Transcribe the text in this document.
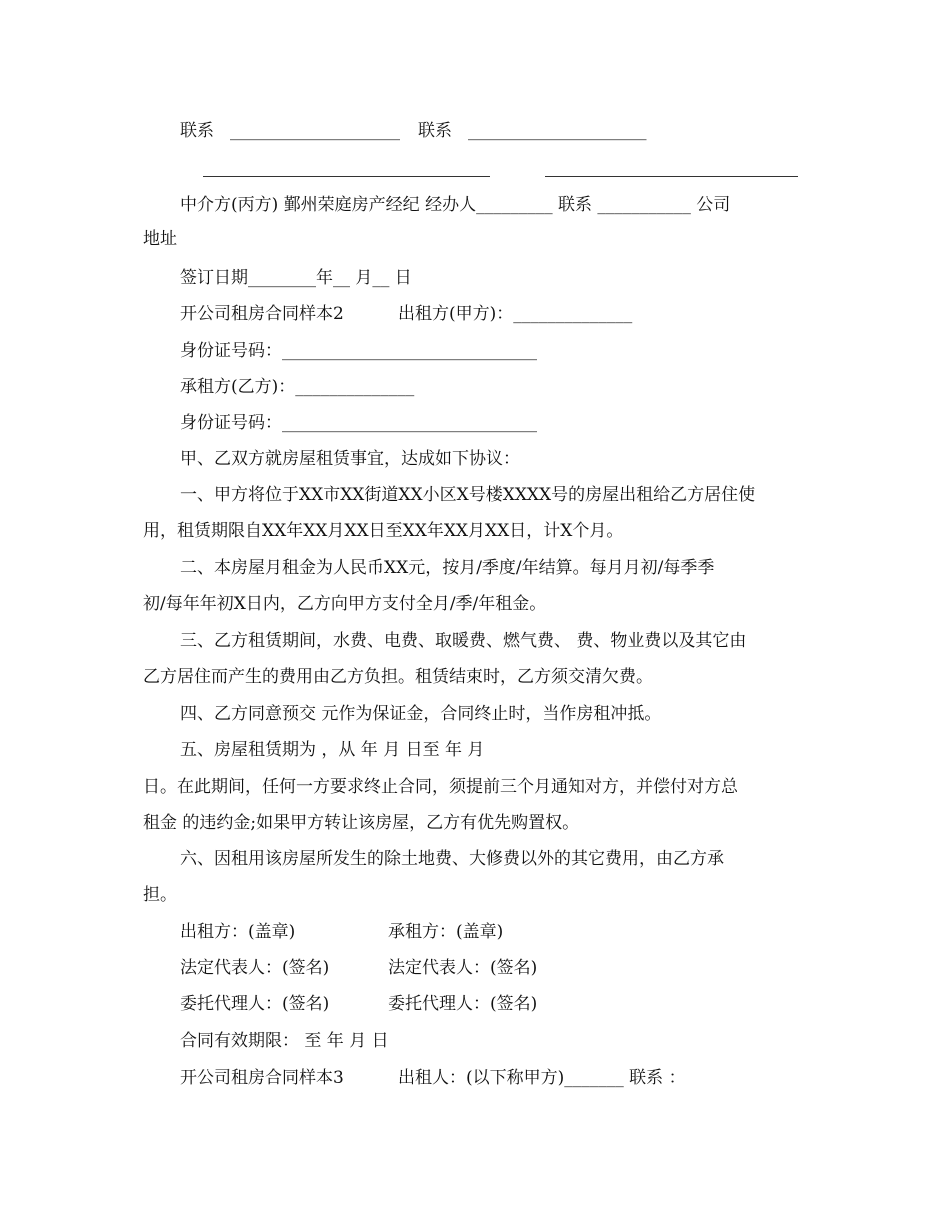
联系 ____________________ 联系 _____________________
中介方(丙方) 鄞州荣庭房产经纪 经办人_________ 联系 ___________ 公司
地址
签订日期________年__ 月__ 日
开公司租房合同样本2	出租方(甲方)：______________
身份证号码：______________________________
承租方(乙方)：______________
身份证号码：______________________________
甲、乙双方就房屋租赁事宜，达成如下协议：
一、甲方将位于XX市XX街道XX小区X号楼XXXX号的房屋出租给乙方居住使
用，租赁期限自XX年XX月XX日至XX年XX月XX日，计X个月。
二、本房屋月租金为人民币XX元，按月/季度/年结算。每月月初/每季季
初/每年年初X日内，乙方向甲方支付全月/季/年租金。
三、乙方租赁期间，水费、电费、取暖费、燃气费、 费、物业费以及其它由
乙方居住而产生的费用由乙方负担。租赁结束时，乙方须交清欠费。
四、乙方同意预交 元作为保证金，合同终止时，当作房租冲抵。
五、房屋租赁期为 ，从 年 月 日至 年 月
日。在此期间，任何一方要求终止合同，须提前三个月通知对方，并偿付对方总
租金 的违约金;如果甲方转让该房屋，乙方有优先购置权。
六、因租用该房屋所发生的除土地费、大修费以外的其它费用，由乙方承
担。
出租方：(盖章)	承租方：(盖章)
法定代表人：(签名)	法定代表人：(签名)
委托代理人：(签名)	委托代理人：(签名)
合同有效期限： 至 年 月 日
开公司租房合同样本3	出租人：(以下称甲方)_______ 联系 ：
